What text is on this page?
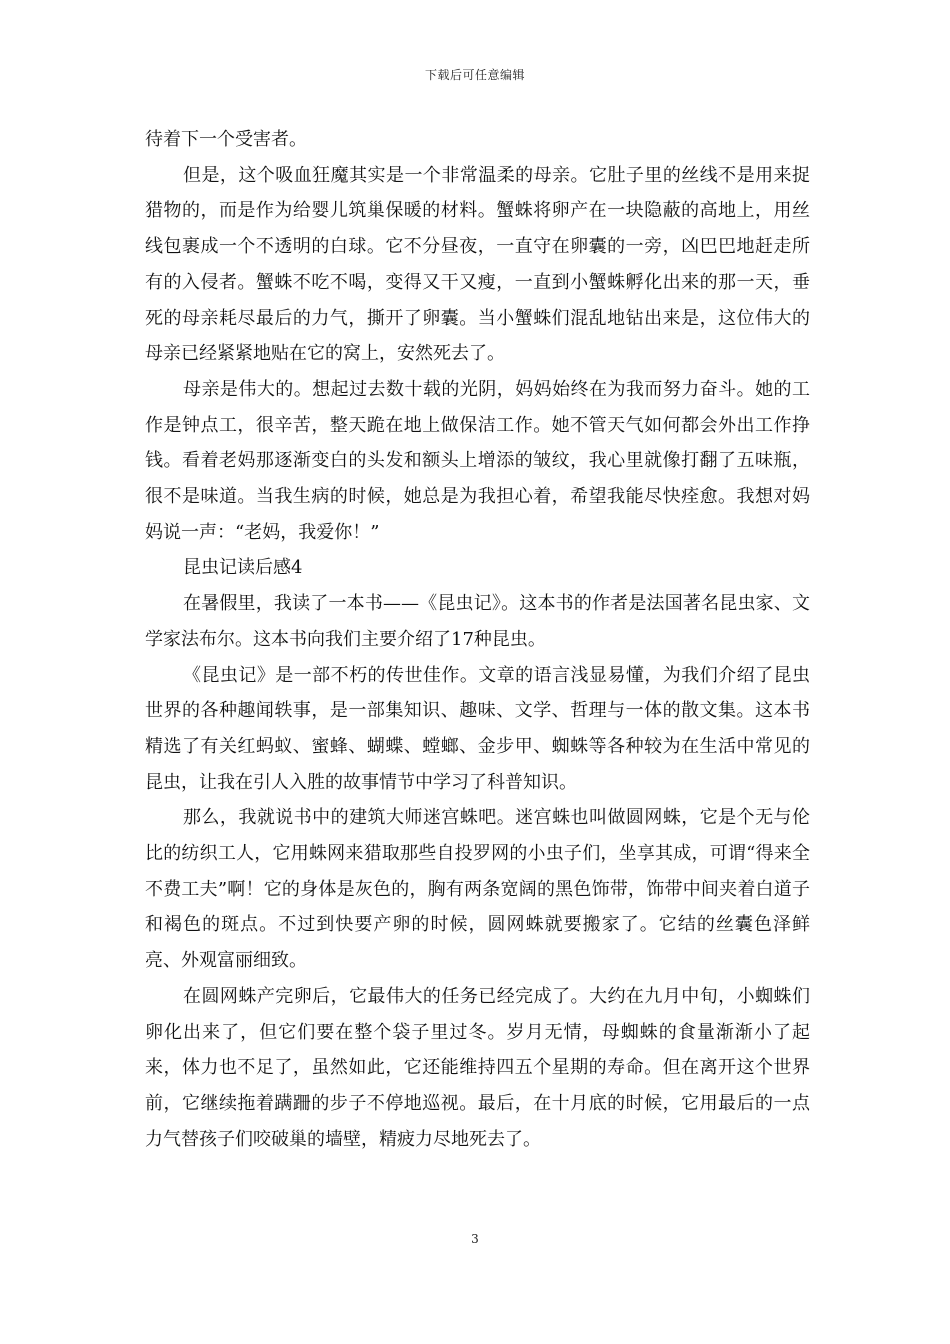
下载后可任意编辑

待着下一个受害者。

但是，这个吸血狂魔其实是一个非常温柔的母亲。它肚子里的丝线不是用来捉猎物的，而是作为给婴儿筑巢保暖的材料。蟹蛛将卵产在一块隐蔽的高地上，用丝线包裹成一个不透明的白球。它不分昼夜，一直守在卵囊的一旁，凶巴巴地赶走所有的入侵者。蟹蛛不吃不喝，变得又干又瘦，一直到小蟹蛛孵化出来的那一天，垂死的母亲耗尽最后的力气，撕开了卵囊。当小蟹蛛们混乱地钻出来是，这位伟大的母亲已经紧紧地贴在它的窝上，安然死去了。

母亲是伟大的。想起过去数十载的光阴，妈妈始终在为我而努力奋斗。她的工作是钟点工，很辛苦，整天跪在地上做保洁工作。她不管天气如何都会外出工作挣钱。看着老妈那逐渐变白的头发和额头上增添的皱纹，我心里就像打翻了五味瓶，很不是味道。当我生病的时候，她总是为我担心着，希望我能尽快痊愈。我想对妈妈说一声：“老妈，我爱你！”

昆虫记读后感4

在暑假里，我读了一本书——《昆虫记》。这本书的作者是法国著名昆虫家、文学家法布尔。这本书向我们主要介绍了17种昆虫。

《昆虫记》是一部不朽的传世佳作。文章的语言浅显易懂，为我们介绍了昆虫世界的各种趣闻轶事，是一部集知识、趣味、文学、哲理与一体的散文集。这本书精选了有关红蚂蚁、蜜蜂、蝴蝶、螳螂、金步甲、蜘蛛等各种较为在生活中常见的昆虫，让我在引人入胜的故事情节中学习了科普知识。

那么，我就说书中的建筑大师迷宫蛛吧。迷宫蛛也叫做圆网蛛，它是个无与伦比的纺织工人，它用蛛网来猎取那些自投罗网的小虫子们，坐享其成，可谓“得来全不费工夫”啊！它的身体是灰色的，胸有两条宽阔的黑色饰带，饰带中间夹着白道子和褐色的斑点。不过到快要产卵的时候，圆网蛛就要搬家了。它结的丝囊色泽鲜亮、外观富丽细致。

在圆网蛛产完卵后，它最伟大的任务已经完成了。大约在九月中旬，小蜘蛛们卵化出来了，但它们要在整个袋子里过冬。岁月无情，母蜘蛛的食量渐渐小了起来，体力也不足了，虽然如此，它还能维持四五个星期的寿命。但在离开这个世界前，它继续拖着蹒跚的步子不停地巡视。最后，在十月底的时候，它用最后的一点力气替孩子们咬破巢的墙壁，精疲力尽地死去了。

3
